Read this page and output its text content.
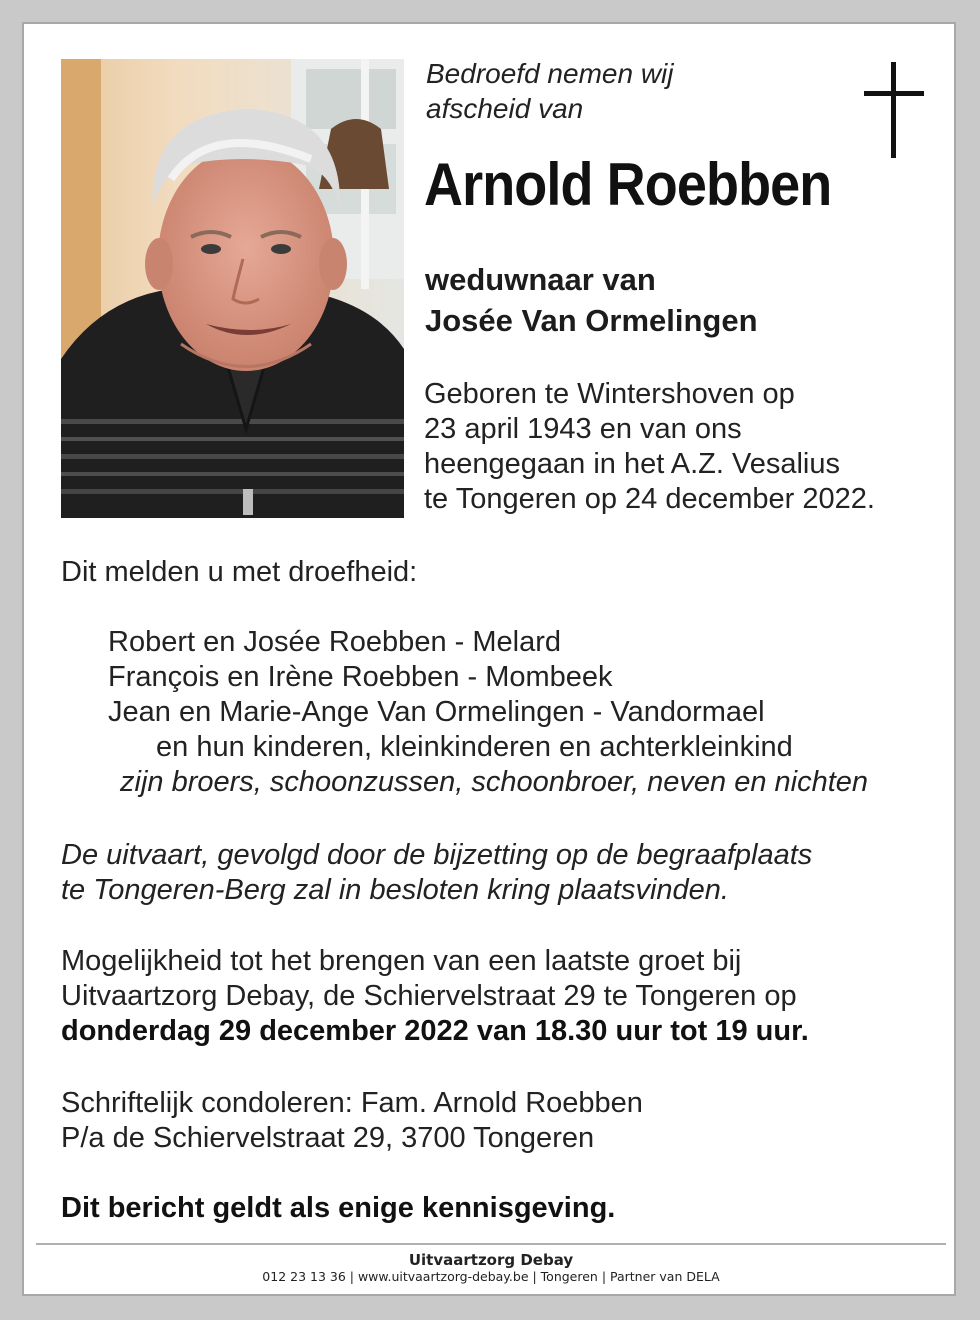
Bedroefd nemen wij
afscheid van
Arnold Roebben
weduwnaar van
Josée Van Ormelingen
Geboren te Wintershoven op
23 april 1943 en van ons
heengegaan in het A.Z. Vesalius
te Tongeren op 24 december 2022.
Dit melden u met droefheid:
Robert en Josée Roebben - Melard
François en Irène Roebben - Mombeek
Jean en Marie-Ange Van Ormelingen - Vandormael
en hun kinderen, kleinkinderen en achterkleinkind
zijn broers, schoonzussen, schoonbroer, neven en nichten
De uitvaart, gevolgd door de bijzetting op de begraafplaats
te Tongeren-Berg zal in besloten kring plaatsvinden.
Mogelijkheid tot het brengen van een laatste groet bij
Uitvaartzorg Debay, de Schiervelstraat 29 te Tongeren op
donderdag 29 december 2022 van 18.30 uur tot 19 uur.
Schriftelijk condoleren: Fam. Arnold Roebben
P/a de Schiervelstraat 29, 3700 Tongeren
Dit bericht geldt als enige kennisgeving.
Uitvaartzorg Debay
012 23 13 36 | www.uitvaartzorg-debay.be | Tongeren | Partner van DELA
